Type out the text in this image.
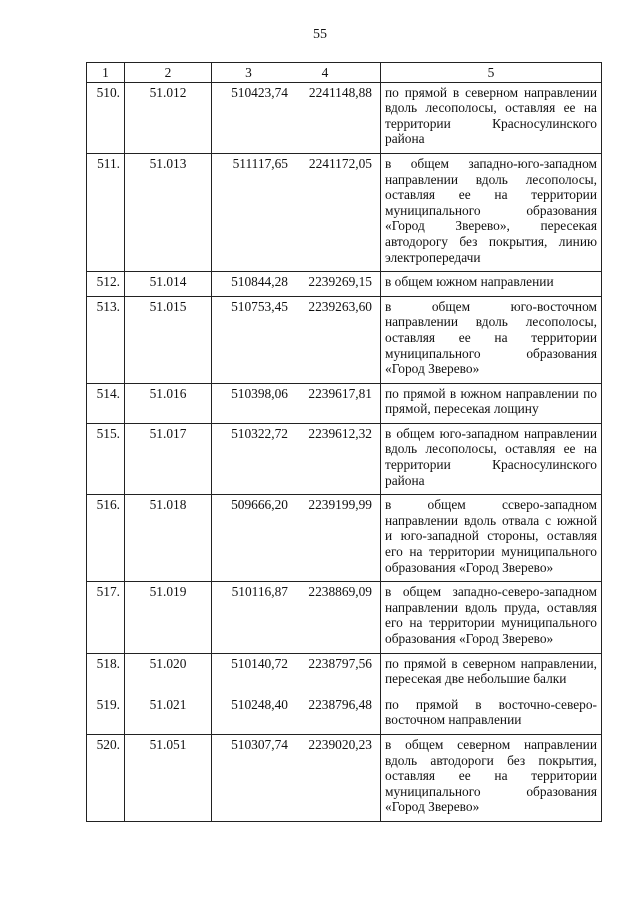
55
1	2	3 4	5
510.	51.012	510423,74 2241148,88	по прямой в северном направлении вдоль лесополосы, оставляя ее на территории Красносулинского района
511.	51.013	511117,65 2241172,05	в общем западно-юго-западном направлении вдоль лесополосы, оставляя ее на территории муниципального образования «Город Зверево», пересекая автодорогу без покрытия, линию электропередачи
512.	51.014	510844,28 2239269,15	в общем южном направлении
513.	51.015	510753,45 2239263,60	в общем юго-восточном направлении вдоль лесополосы, оставляя ее на территории муниципального образования «Город Зверево»
514.	51.016	510398,06 2239617,81	по прямой в южном направлении по прямой, пересекая лощину
515.	51.017	510322,72 2239612,32	в общем юго-западном направлении вдоль лесополосы, оставляя ее на территории Красносулинского района
516.	51.018	509666,20 2239199,99	в общем ссверо-западном направлении вдоль отвала с южной и юго-западной стороны, оставляя его на территории муниципального образования «Город Зверево»
517.	51.019	510116,87 2238869,09	в общем западно-северо-западном направлении вдоль пруда, оставляя его на территории муниципального образования «Город Зверево»
518.	51.020	510140,72 2238797,56	по прямой в северном направлении, пересекая две небольшие балки
519.	51.021	510248,40 2238796,48	по прямой в восточно-северо-восточном направлении
520.	51.051	510307,74 2239020,23	в общем северном направлении вдоль автодороги без покрытия, оставляя ее на территории муниципального образования «Город Зверево»
